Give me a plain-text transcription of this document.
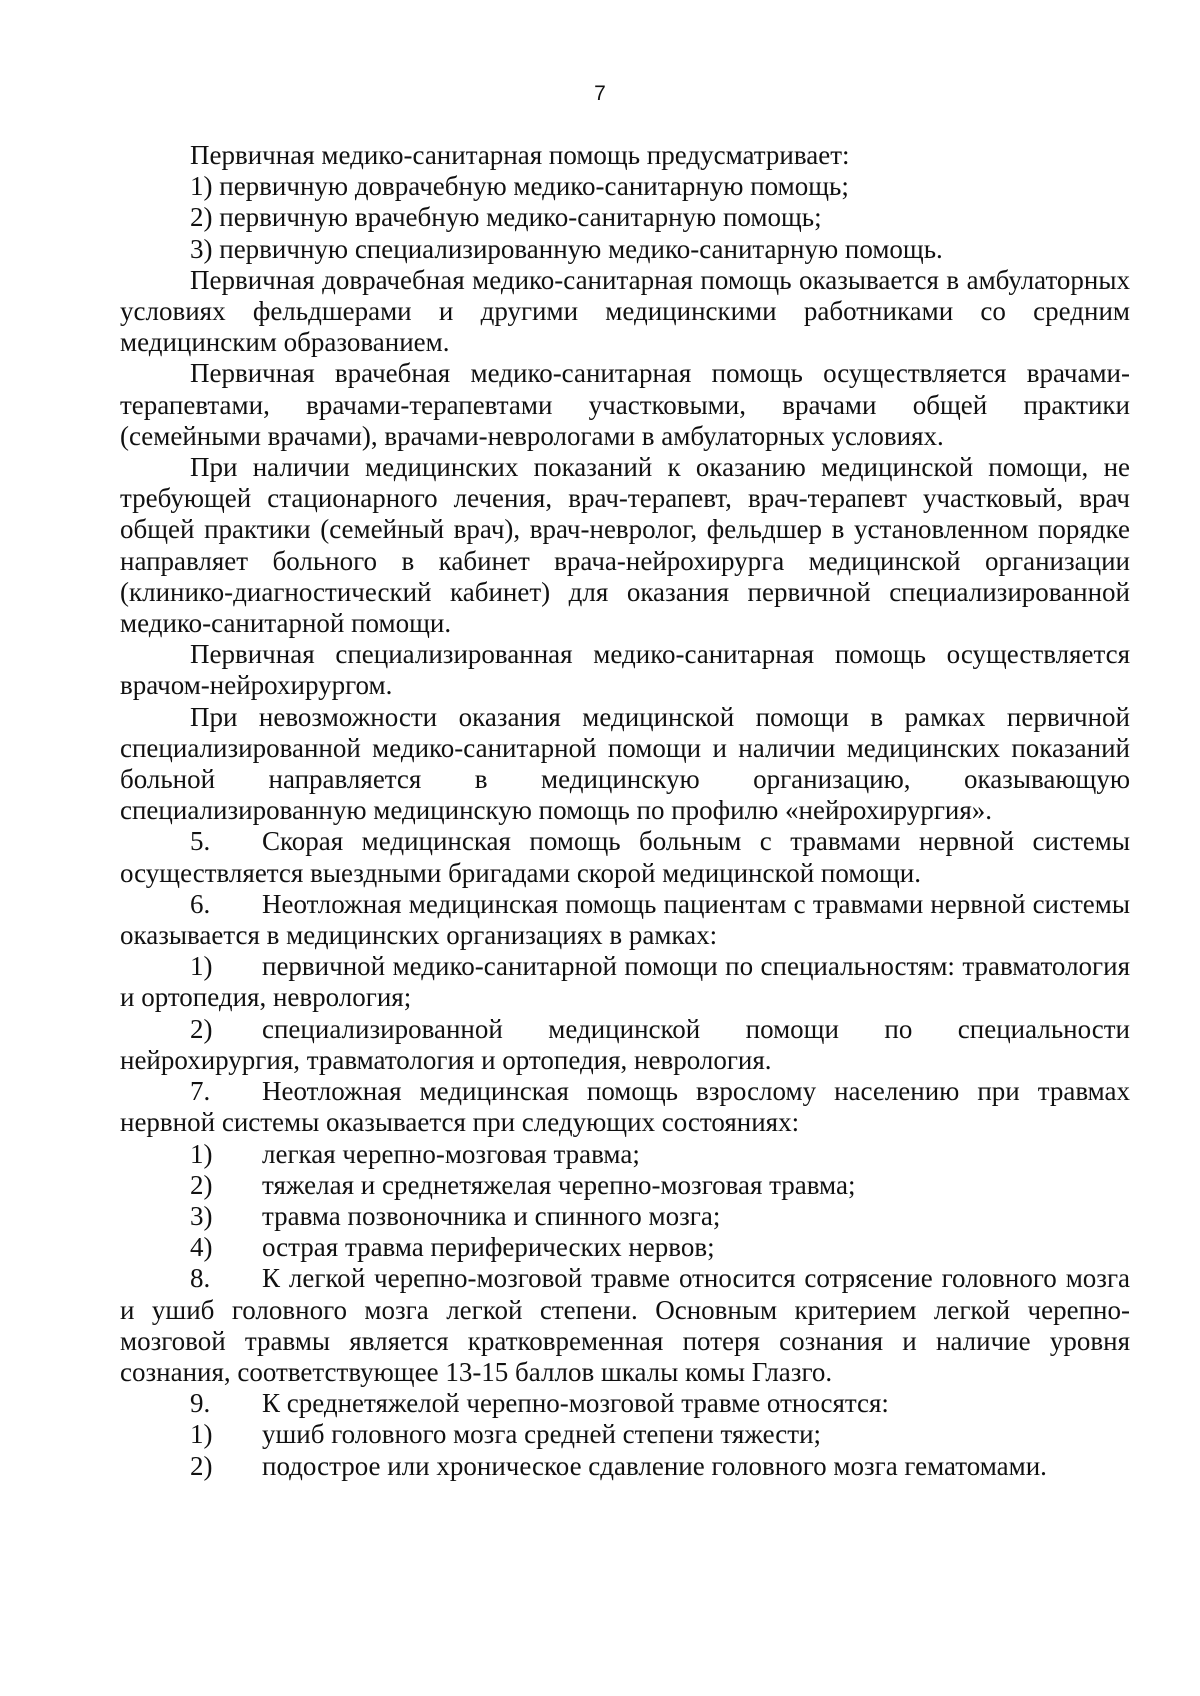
7

Первичная медико-санитарная помощь предусматривает:

1) первичную доврачебную медико-санитарную помощь;

2) первичную врачебную медико-санитарную помощь;

3) первичную специализированную медико-санитарную помощь.

Первичная доврачебная медико-санитарная помощь оказывается в амбулаторных условиях фельдшерами и другими медицинскими работниками со средним медицинским образованием.

Первичная врачебная медико-санитарная помощь осуществляется врачами-терапевтами, врачами-терапевтами участковыми, врачами общей практики (семейными врачами), врачами-неврологами в амбулаторных условиях.

При наличии медицинских показаний к оказанию медицинской помощи, не требующей стационарного лечения, врач-терапевт, врач-терапевт участковый, врач общей практики (семейный врач), врач-невролог, фельдшер в установленном порядке направляет больного в кабинет врача-нейрохирурга медицинской организации (клинико-диагностический кабинет) для оказания первичной специализированной медико-санитарной помощи.

Первичная специализированная медико-санитарная помощь осуществляется врачом-нейрохирургом.

При невозможности оказания медицинской помощи в рамках первичной специализированной медико-санитарной помощи и наличии медицинских показаний больной направляется в медицинскую организацию, оказывающую специализированную медицинскую помощь по профилю «нейрохирургия».

5. Скорая медицинская помощь больным с травмами нервной системы осуществляется выездными бригадами скорой медицинской помощи.

6. Неотложная медицинская помощь пациентам с травмами нервной системы оказывается в медицинских организациях в рамках:

1) первичной медико-санитарной помощи по специальностям: травматология и ортопедия, неврология;

2) специализированной медицинской помощи по специальности нейрохирургия, травматология и ортопедия, неврология.

7. Неотложная медицинская помощь взрослому населению при травмах нервной системы оказывается при следующих состояниях:

1) легкая черепно-мозговая травма;

2) тяжелая и среднетяжелая черепно-мозговая травма;

3) травма позвоночника и спинного мозга;

4) острая травма периферических нервов;

8. К легкой черепно-мозговой травме относится сотрясение головного мозга и ушиб головного мозга легкой степени. Основным критерием легкой черепно-мозговой травмы является кратковременная потеря сознания и наличие уровня сознания, соответствующее 13-15 баллов шкалы комы Глазго.

9. К среднетяжелой черепно-мозговой травме относятся:

1) ушиб головного мозга средней степени тяжести;

2) подострое или хроническое сдавление головного мозга гематомами.
